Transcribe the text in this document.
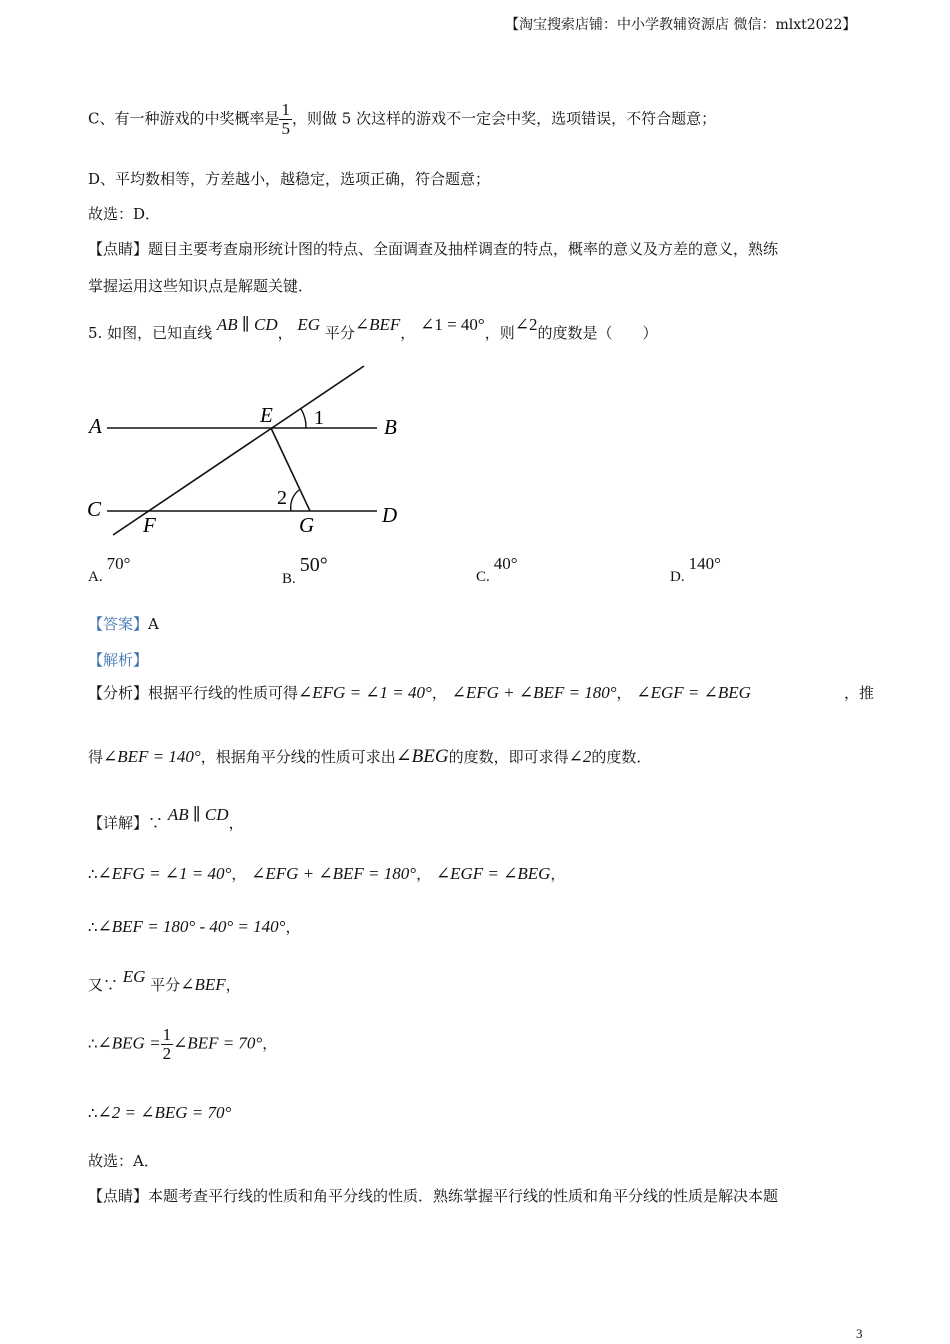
【淘宝搜索店铺：中小学教辅资源店 微信：mlxt2022】
C、有一种游戏的中奖概率是 $\frac{1}{5}$ ，则做 5 次这样的游戏不一定会中奖，选项错误，不符合题意；
D、平均数相等，方差越小，越稳定，选项正确，符合题意；
故选：D．
【点睛】题目主要考查扇形统计图的特点、全面调查及抽样调查的特点，概率的意义及方差的意义，熟练
掌握运用这些知识点是解题关键．
5. 如图，已知直线 AB ∥ CD， EG 平分∠BEF， ∠1 = 40°，则∠2的度数是（　　）
A	B
C	D
E
F	G
1
2
A.70°
B.50°
C.40°
D.140°
【答案】A
【解析】
【分析】根据平行线的性质可得∠EFG = ∠1 = 40°， ∠EFG + ∠BEF = 180°， ∠EGF = ∠BEG	，推
得∠BEF = 140°，根据角平分线的性质可求出∠BEG的度数，即可求得∠2的度数．
【详解】∵ AB ∥ CD，
∴∠EFG = ∠1 = 40°， ∠EFG + ∠BEF = 180°， ∠EGF = ∠BEG，
∴∠BEF = 180° - 40° = 140°，
又∵ EG 平分∠BEF，
∴∠BEG = $\frac{1}{2}$ ∠BEF = 70°，
∴∠2 = ∠BEG = 70°
故选：A．
【点睛】本题考查平行线的性质和角平分线的性质．熟练掌握平行线的性质和角平分线的性质是解决本题
3
